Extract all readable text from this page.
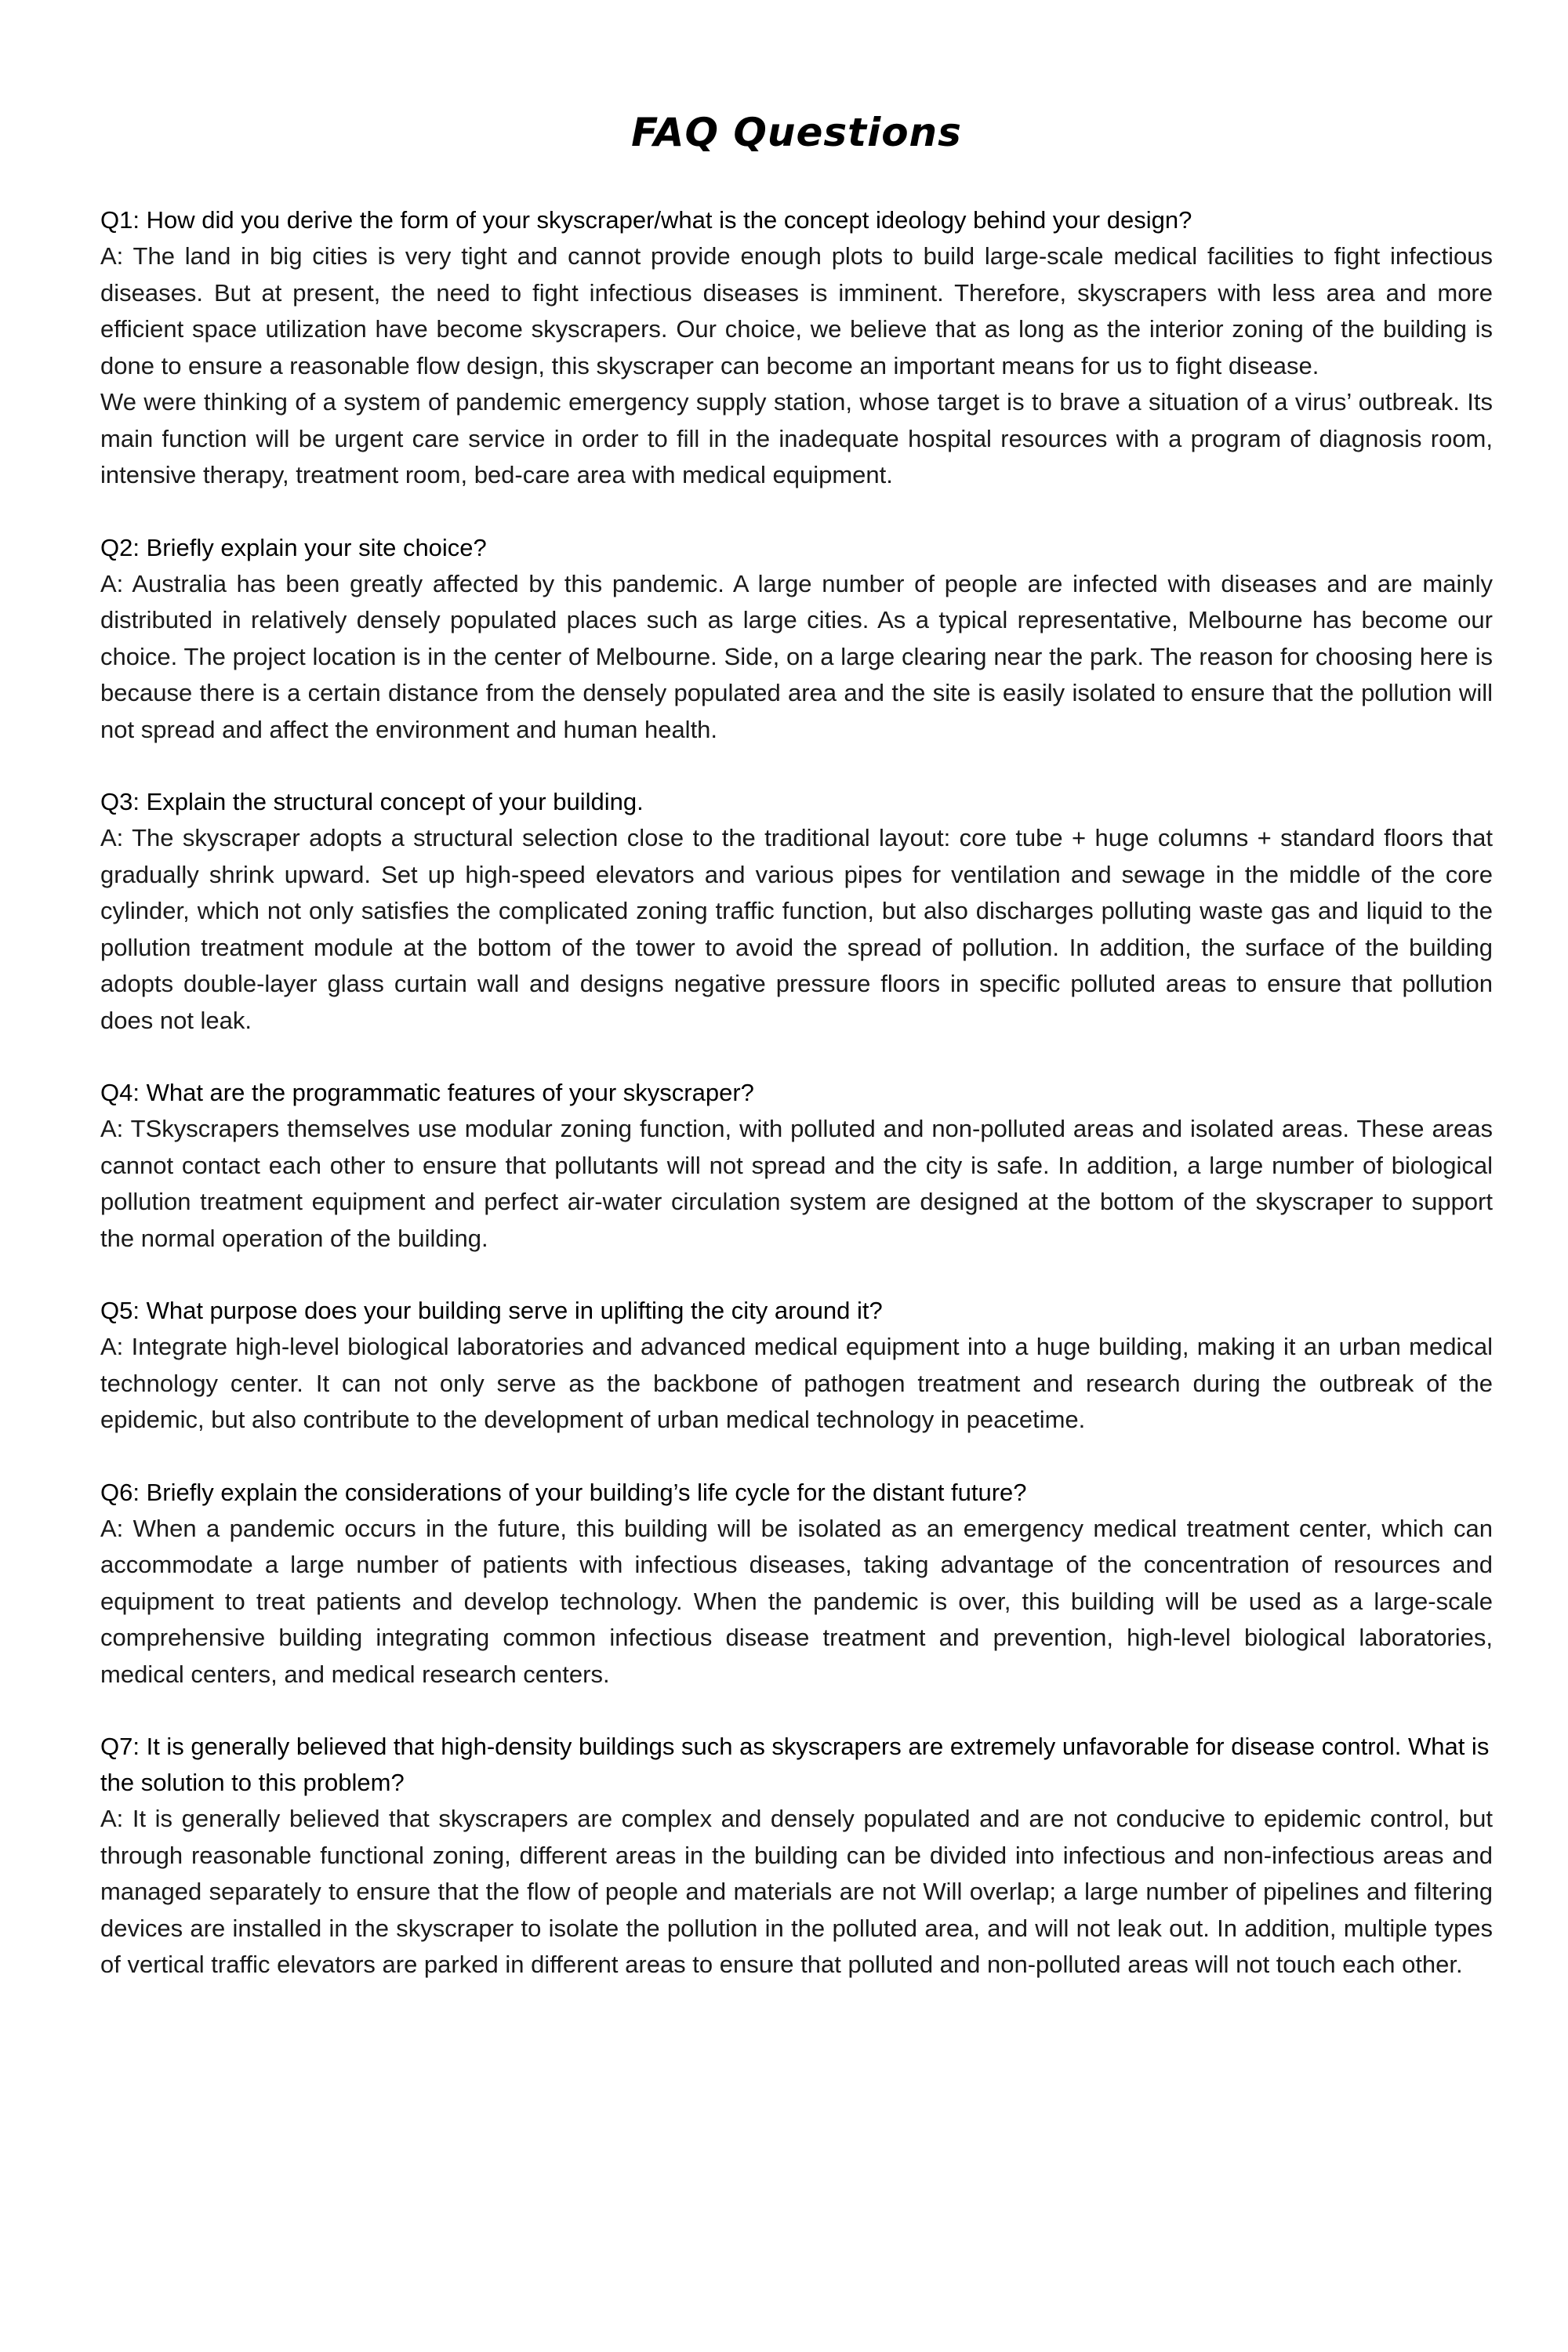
FAQ Questions

Q1: How did you derive the form of your skyscraper/what is the concept ideology behind your design?

A: The land in big cities is very tight and cannot provide enough plots to build large-scale medical facilities to fight infectious diseases. But at present, the need to fight infectious diseases is imminent. Therefore, skyscrapers with less area and more efficient space utilization have become skyscrapers. Our choice, we believe that as long as the interior zoning of the building is done to ensure a reasonable flow design, this skyscraper can become an important means for us to fight disease.

We were thinking of a system of pandemic emergency supply station, whose target is to brave a situation of a virus’ outbreak. Its main function will be urgent care service in order to fill in the inadequate hospital resources with a program of diagnosis room, intensive therapy, treatment room, bed-care area with medical equipment.

Q2: Briefly explain your site choice?

A: Australia has been greatly affected by this pandemic. A large number of people are infected with diseases and are mainly distributed in relatively densely populated places such as large cities. As a typical representative, Melbourne has become our choice. The project location is in the center of Melbourne. Side, on a large clearing near the park. The reason for choosing here is because there is a certain distance from the densely populated area and the site is easily isolated to ensure that the pollution will not spread and affect the environment and human health.

Q3: Explain the structural concept of your building.

A: The skyscraper adopts a structural selection close to the traditional layout: core tube + huge columns + standard floors that gradually shrink upward. Set up high-speed elevators and various pipes for ventilation and sewage in the middle of the core cylinder, which not only satisfies the complicated zoning traffic function, but also discharges polluting waste gas and liquid to the pollution treatment module at the bottom of the tower to avoid the spread of pollution. In addition, the surface of the building adopts double-layer glass curtain wall and designs negative pressure floors in specific polluted areas to ensure that pollution does not leak.

Q4: What are the programmatic features of your skyscraper?

A: TSkyscrapers themselves use modular zoning function, with polluted and non-polluted areas and isolated areas. These areas cannot contact each other to ensure that pollutants will not spread and the city is safe. In addition, a large number of biological pollution treatment equipment and perfect air-water circulation system are designed at the bottom of the skyscraper to support the normal operation of the building.

Q5: What purpose does your building serve in uplifting the city around it?

A: Integrate high-level biological laboratories and advanced medical equipment into a huge building, making it an urban medical technology center. It can not only serve as the backbone of pathogen treatment and research during the outbreak of the epidemic, but also contribute to the development of urban medical technology in peacetime.

Q6: Briefly explain the considerations of your building’s life cycle for the distant future?

A: When a pandemic occurs in the future, this building will be isolated as an emergency medical treatment center, which can accommodate a large number of patients with infectious diseases, taking advantage of the concentration of resources and equipment to treat patients and develop technology. When the pandemic is over, this building will be used as a large-scale comprehensive building integrating common infectious disease treatment and prevention, high-level biological laboratories, medical centers, and medical research centers.

Q7: It is generally believed that high-density buildings such as skyscrapers are extremely unfavorable for disease control. What is the solution to this problem?

A: It is generally believed that skyscrapers are complex and densely populated and are not conducive to epidemic control, but through reasonable functional zoning, different areas in the building can be divided into infectious and non-infectious areas and managed separately to ensure that the flow of people and materials are not Will overlap; a large number of pipelines and filtering devices are installed in the skyscraper to isolate the pollution in the polluted area, and will not leak out. In addition, multiple types of vertical traffic elevators are parked in different areas to ensure that polluted and non-polluted areas will not touch each other.
